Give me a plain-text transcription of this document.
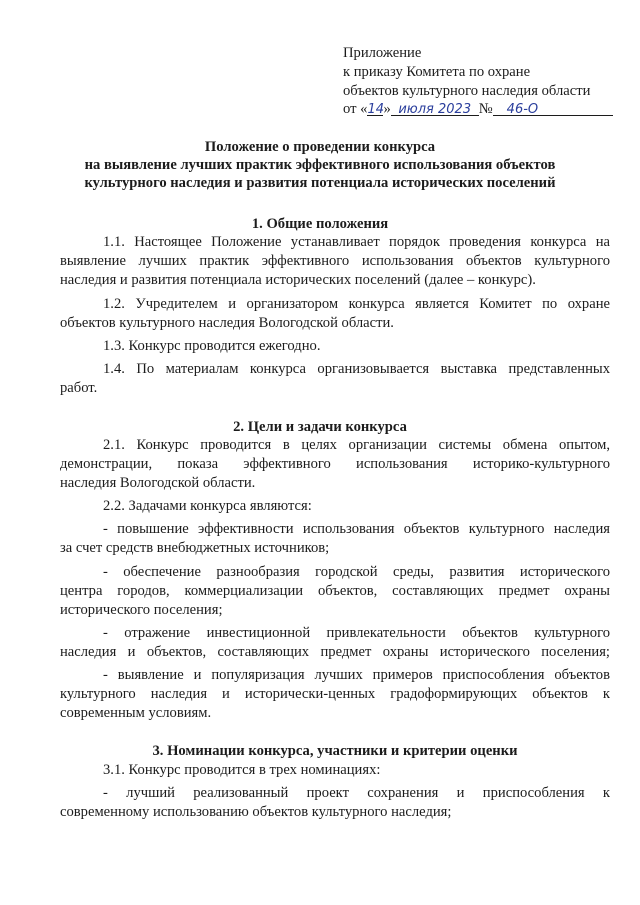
Приложение
к приказу Комитета по охране
объектов культурного наследия области
от «14» июля 2023 № 46-О
Положение о проведении конкурса
на выявление лучших практик эффективного использования объектов
культурного наследия и развития потенциала исторических поселений
1. Общие положения
1.1. Настоящее Положение устанавливает порядок проведения конкурса на
выявление лучших практик эффективного использования объектов культурного
наследия и развития потенциала исторических поселений (далее – конкурс).
1.2. Учредителем и организатором конкурса является Комитет по охране
объектов культурного наследия Вологодской области.
1.3. Конкурс проводится ежегодно.
1.4. По материалам конкурса организовывается выставка представленных
работ.
2. Цели и задачи конкурса
2.1. Конкурс проводится в целях организации системы обмена опытом,
демонстрации, показа эффективного использования историко-культурного
наследия Вологодской области.
2.2. Задачами конкурса являются:
- повышение эффективности использования объектов культурного наследия
за счет средств внебюджетных источников;
- обеспечение разнообразия городской среды, развития исторического
центра городов, коммерциализации объектов, составляющих предмет охраны
исторического поселения;
- отражение инвестиционной привлекательности объектов культурного
наследия и объектов, составляющих предмет охраны исторического поселения;
- выявление и популяризация лучших примеров приспособления объектов
культурного наследия и исторически-ценных градоформирующих объектов к
современным условиям.
3. Номинации конкурса, участники и критерии оценки
3.1. Конкурс проводится в трех номинациях:
- лучший реализованный проект сохранения и приспособления к
современному использованию объектов культурного наследия;
